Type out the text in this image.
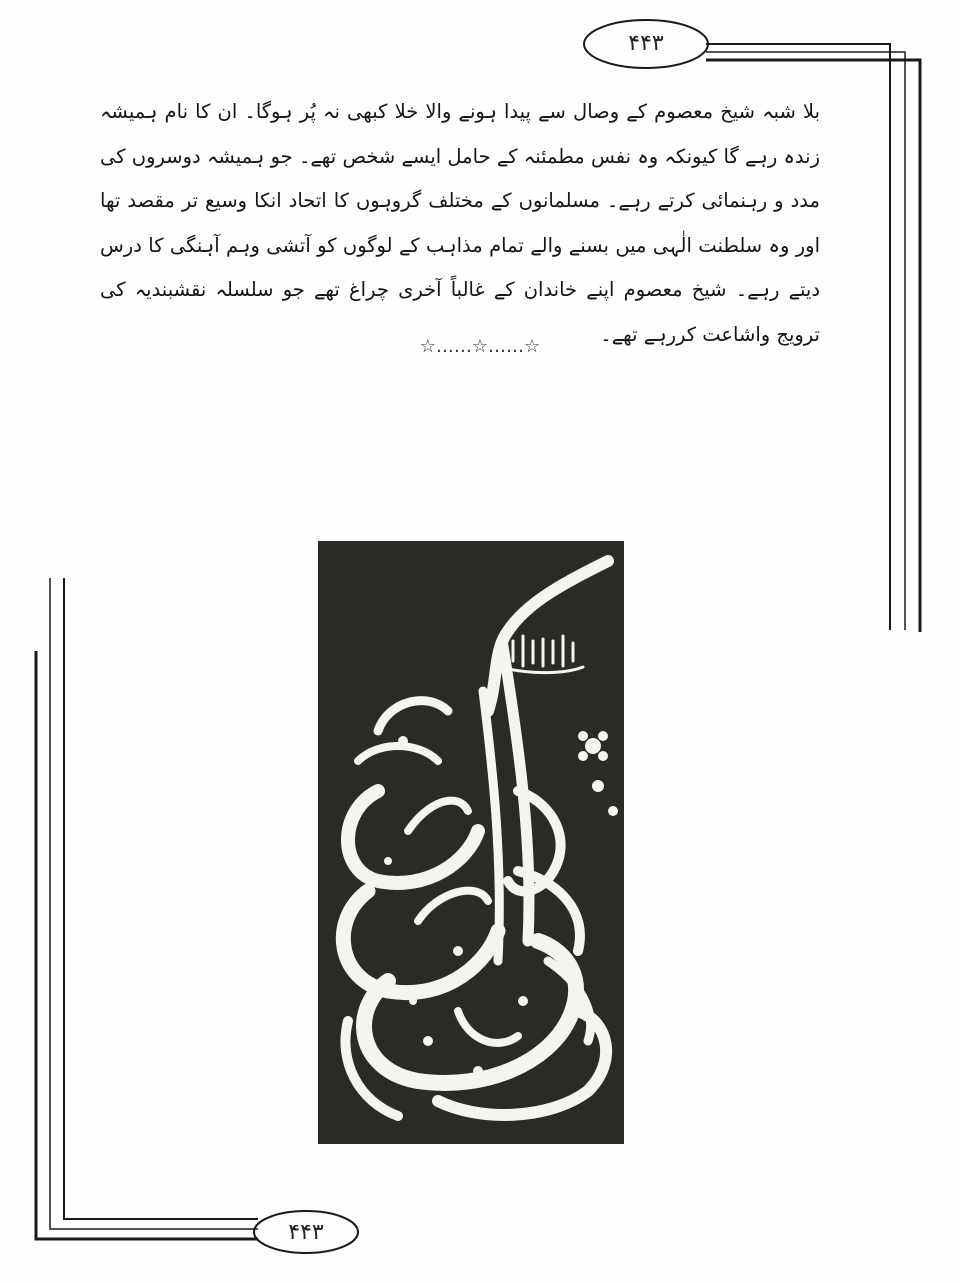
۴۴۳
۴۴۳
بلا شبہ شیخ معصوم کے وصال سے پیدا ہونے والا خلا کبھی نہ پُر ہوگا۔ ان کا نام ہمیشہ زندہ رہے گا کیونکہ وہ نفس مطمئنہ کے حامل ایسے شخص تھے۔ جو ہمیشہ دوسروں کی مدد و رہنمائی کرتے رہے۔ مسلمانوں کے مختلف گروہوں کا اتحاد انکا وسیع تر مقصد تھا اور وہ سلطنت الٰہی میں بسنے والے تمام مذاہب کے لوگوں کو آتشی وہم آہنگی کا درس دیتے رہے۔ شیخ معصوم اپنے خاندان کے غالباً آخری چراغ تھے جو سلسلہ نقشبندیہ کی ترویج واشاعت کررہے تھے۔
☆……☆……☆
